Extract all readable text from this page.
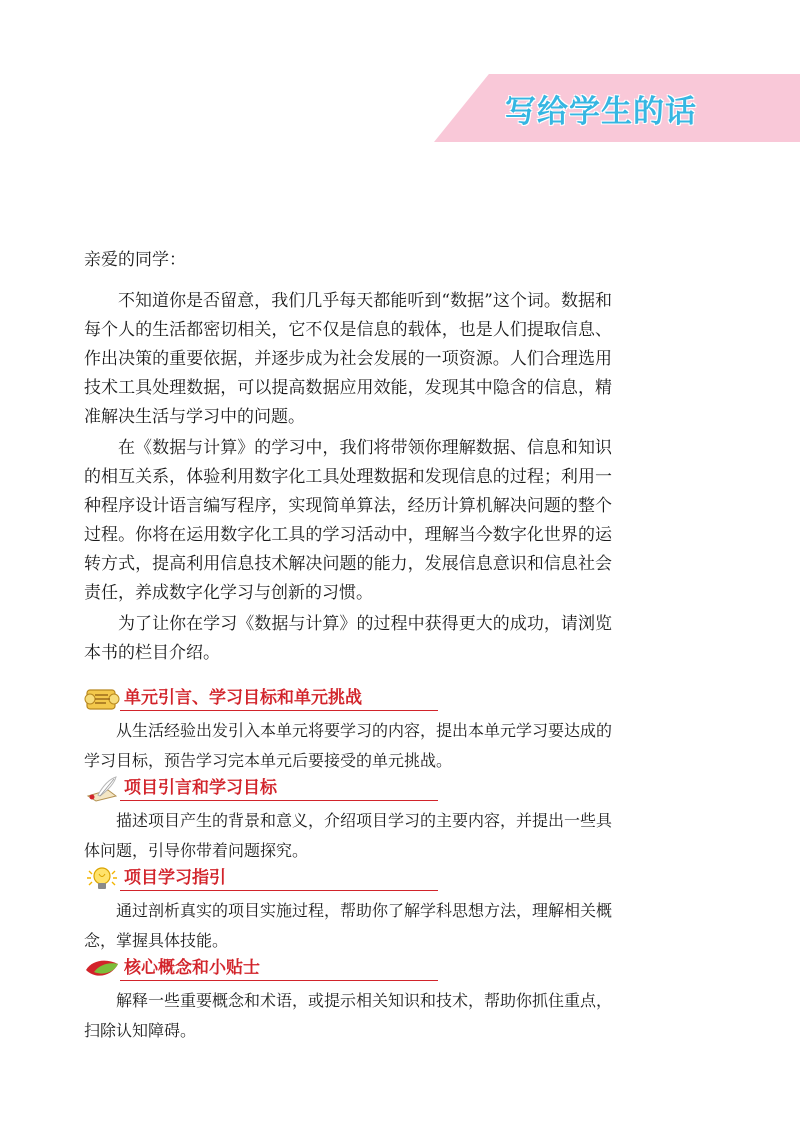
写给学生的话

亲爱的同学：

不知道你是否留意，我们几乎每天都能听到“数据”这个词。数据和每个人的生活都密切相关，它不仅是信息的载体，也是人们提取信息、作出决策的重要依据，并逐步成为社会发展的一项资源。人们合理选用技术工具处理数据，可以提高数据应用效能，发现其中隐含的信息，精准解决生活与学习中的问题。

在《数据与计算》的学习中，我们将带领你理解数据、信息和知识的相互关系，体验利用数字化工具处理数据和发现信息的过程；利用一种程序设计语言编写程序，实现简单算法，经历计算机解决问题的整个过程。你将在运用数字化工具的学习活动中，理解当今数字化世界的运转方式，提高利用信息技术解决问题的能力，发展信息意识和信息社会责任，养成数字化学习与创新的习惯。

为了让你在学习《数据与计算》的过程中获得更大的成功，请浏览本书的栏目介绍。

单元引言、学习目标和单元挑战

从生活经验出发引入本单元将要学习的内容，提出本单元学习要达成的学习目标，预告学习完本单元后要接受的单元挑战。

项目引言和学习目标

描述项目产生的背景和意义，介绍项目学习的主要内容，并提出一些具体问题，引导你带着问题探究。

项目学习指引

通过剖析真实的项目实施过程，帮助你了解学科思想方法，理解相关概念，掌握具体技能。

核心概念和小贴士

解释一些重要概念和术语，或提示相关知识和技术，帮助你抓住重点，扫除认知障碍。
